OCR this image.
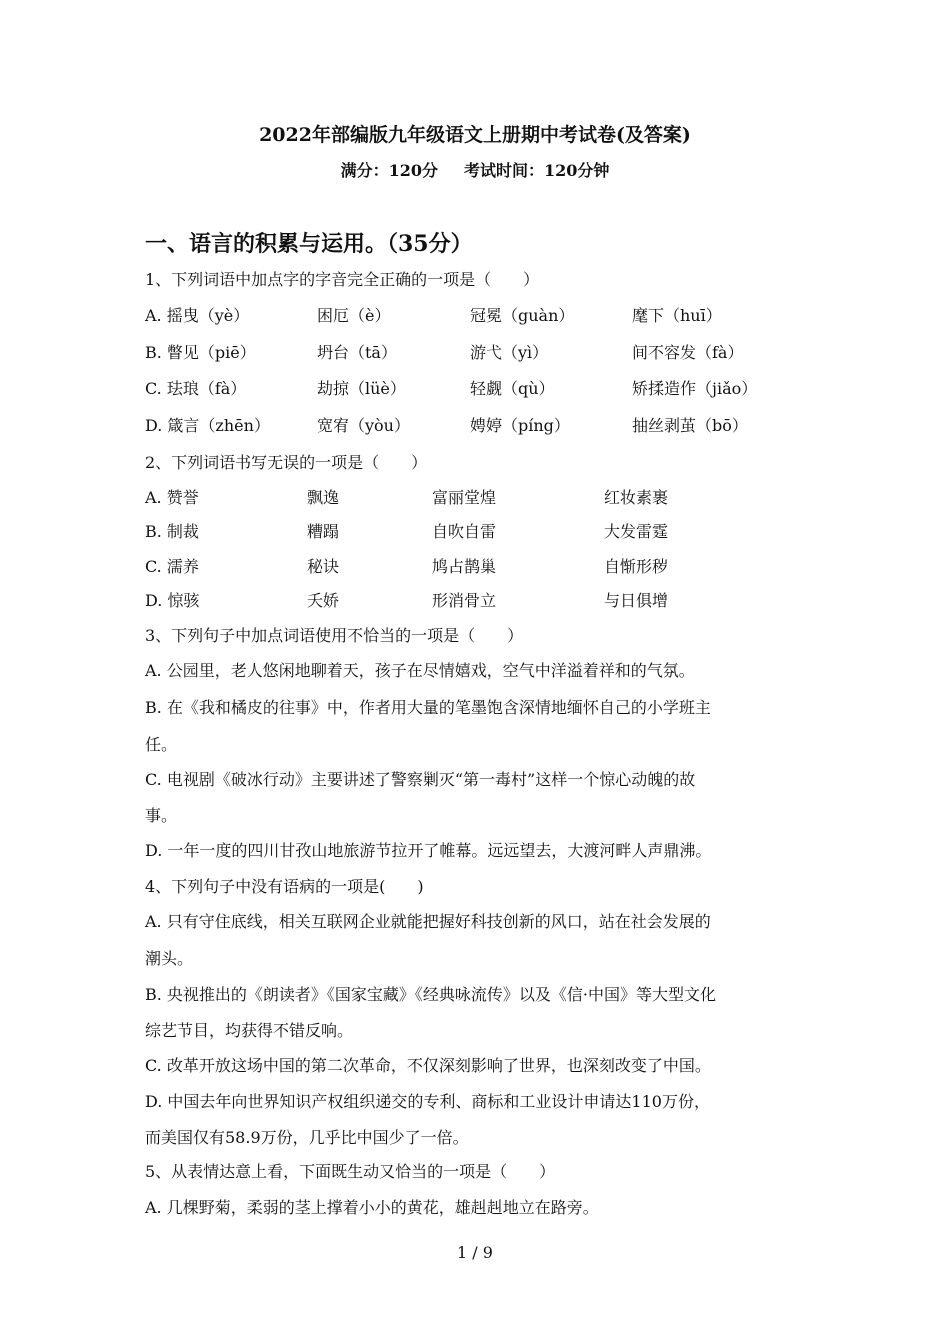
2022年部编版九年级语文上册期中考试卷(及答案)
满分：120分 考试时间：120分钟
一、语言的积累与运用。（35分）
1、下列词语中加点字的字音完全正确的一项是（　　）
A. 摇曳（yè）	困厄（è）	冠冕（guàn）	麾下（huī）
B. 瞥见（piē）	坍台（tā）	游弋（yì）	间不容发（fà）
C. 珐琅（fà）	劫掠（lüè）	轻觑（qù）	矫揉造作（jiǎo）
D. 箴言（zhēn）	宽宥（yòu）	娉婷（píng）	抽丝剥茧（bō）
2、下列词语书写无误的一项是（　　）
A. 赞誉	飘逸	富丽堂煌	红妆素裹
B. 制裁	糟蹋	自吹自雷	大发雷霆
C. 濡养	秘诀	鸠占鹊巢	自惭形秽
D. 惊骇	夭娇	形消骨立	与日俱增
3、下列句子中加点词语使用不恰当的一项是（　　）
A. 公园里，老人悠闲地聊着天，孩子在尽情嬉戏，空气中洋溢着祥和的气氛。
B. 在《我和橘皮的往事》中，作者用大量的笔墨饱含深情地缅怀自己的小学班主
任。
C. 电视剧《破冰行动》主要讲述了警察剿灭“第一毒村”这样一个惊心动魄的故
事。
D. 一年一度的四川甘孜山地旅游节拉开了帷幕。远远望去，大渡河畔人声鼎沸。
4、下列句子中没有语病的一项是(　　)
A. 只有守住底线，相关互联网企业就能把握好科技创新的风口，站在社会发展的
潮头。
B. 央视推出的《朗读者》《国家宝藏》《经典咏流传》以及《信·中国》等大型文化
综艺节目，均获得不错反响。
C. 改革开放这场中国的第二次革命，不仅深刻影响了世界，也深刻改变了中国。
D. 中国去年向世界知识产权组织递交的专利、商标和工业设计申请达110万份，
而美国仅有58.9万份，几乎比中国少了一倍。
5、从表情达意上看，下面既生动又恰当的一项是（　　）
A. 几棵野菊，柔弱的茎上撑着小小的黄花，雄赳赳地立在路旁。
1 / 9
